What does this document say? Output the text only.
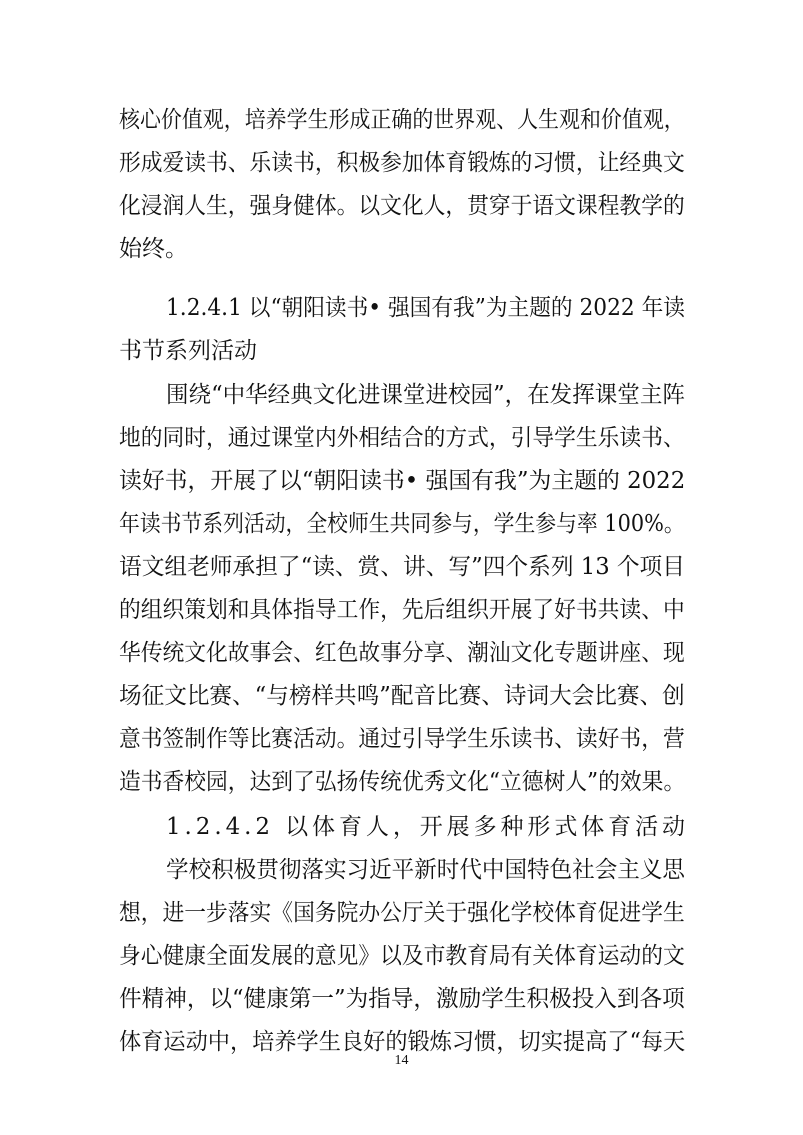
核心价值观，培养学生形成正确的世界观、人生观和价值观，
形成爱读书、乐读书，积极参加体育锻炼的习惯，让经典文
化浸润人生，强身健体。以文化人，贯穿于语文课程教学的
始终。
1.2.4.1 以“朝阳读书• 强国有我”为主题的 2022 年读
书节系列活动
围绕“中华经典文化进课堂进校园”，在发挥课堂主阵
地的同时，通过课堂内外相结合的方式，引导学生乐读书、
读好书，开展了以“朝阳读书• 强国有我”为主题的 2022
年读书节系列活动，全校师生共同参与，学生参与率 100%。
语文组老师承担了“读、赏、讲、写”四个系列 13 个项目
的组织策划和具体指导工作，先后组织开展了好书共读、中
华传统文化故事会、红色故事分享、潮汕文化专题讲座、现
场征文比赛、“与榜样共鸣”配音比赛、诗词大会比赛、创
意书签制作等比赛活动。通过引导学生乐读书、读好书，营
造书香校园，达到了弘扬传统优秀文化“立德树人”的效果。
1.2.4.2 以体育人，开展多种形式体育活动
学校积极贯彻落实习近平新时代中国特色社会主义思
想，进一步落实《国务院办公厅关于强化学校体育促进学生
身心健康全面发展的意见》以及市教育局有关体育运动的文
件精神，以“健康第一”为指导，激励学生积极投入到各项
体育运动中，培养学生良好的锻炼习惯，切实提高了“每天
14
